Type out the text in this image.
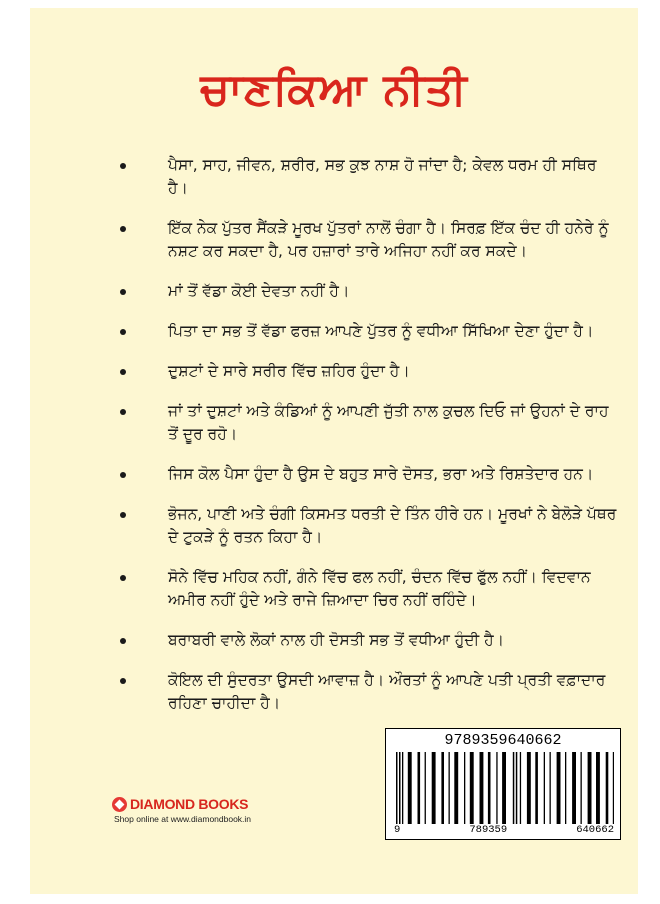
ਚਾਣਕਿਆ ਨੀਤੀ
ਪੈਸਾ, ਸਾਹ, ਜੀਵਨ, ਸ਼ਰੀਰ, ਸਭ ਕੁਝ ਨਾਸ਼ ਹੋ ਜਾਂਦਾ ਹੈ; ਕੇਵਲ ਧਰਮ ਹੀ ਸਥਿਰ ਹੈ।
ਇੱਕ ਨੇਕ ਪੁੱਤਰ ਸੈਂਕੜੇ ਮੂਰਖ ਪੁੱਤਰਾਂ ਨਾਲੋਂ ਚੰਗਾ ਹੈ। ਸਿਰਫ਼ ਇੱਕ ਚੰਦ ਹੀ ਹਨੇਰੇ ਨੂੰ ਨਸ਼ਟ ਕਰ ਸਕਦਾ ਹੈ, ਪਰ ਹਜ਼ਾਰਾਂ ਤਾਰੇ ਅਜਿਹਾ ਨਹੀਂ ਕਰ ਸਕਦੇ।
ਮਾਂ ਤੋਂ ਵੱਡਾ ਕੋਈ ਦੇਵਤਾ ਨਹੀਂ ਹੈ।
ਪਿਤਾ ਦਾ ਸਭ ਤੋਂ ਵੱਡਾ ਫਰਜ਼ ਆਪਣੇ ਪੁੱਤਰ ਨੂੰ ਵਧੀਆ ਸਿੱਖਿਆ ਦੇਣਾ ਹੁੰਦਾ ਹੈ।
ਦੁਸ਼ਟਾਂ ਦੇ ਸਾਰੇ ਸਰੀਰ ਵਿੱਚ ਜ਼ਹਿਰ ਹੁੰਦਾ ਹੈ।
ਜਾਂ ਤਾਂ ਦੁਸ਼ਟਾਂ ਅਤੇ ਕੰਡਿਆਂ ਨੂੰ ਆਪਣੀ ਜੁੱਤੀ ਨਾਲ ਕੁਚਲ ਦਿਓ ਜਾਂ ਉਹਨਾਂ ਦੇ ਰਾਹ ਤੋਂ ਦੂਰ ਰਹੋ।
ਜਿਸ ਕੋਲ ਪੈਸਾ ਹੁੰਦਾ ਹੈ ਉਸ ਦੇ ਬਹੁਤ ਸਾਰੇ ਦੋਸਤ, ਭਰਾ ਅਤੇ ਰਿਸ਼ਤੇਦਾਰ ਹਨ।
ਭੋਜਨ, ਪਾਣੀ ਅਤੇ ਚੰਗੀ ਕਿਸਮਤ ਧਰਤੀ ਦੇ ਤਿੰਨ ਹੀਰੇ ਹਨ। ਮੂਰਖਾਂ ਨੇ ਬੇਲੋੜੇ ਪੱਥਰ ਦੇ ਟੁਕੜੇ ਨੂੰ ਰਤਨ ਕਿਹਾ ਹੈ।
ਸੋਨੇ ਵਿੱਚ ਮਹਿਕ ਨਹੀਂ, ਗੰਨੇ ਵਿੱਚ ਫਲ ਨਹੀਂ, ਚੰਦਨ ਵਿੱਚ ਫੁੱਲ ਨਹੀਂ। ਵਿਦਵਾਨ ਅਮੀਰ ਨਹੀਂ ਹੁੰਦੇ ਅਤੇ ਰਾਜੇ ਜ਼ਿਆਦਾ ਚਿਰ ਨਹੀਂ ਰਹਿੰਦੇ।
ਬਰਾਬਰੀ ਵਾਲੇ ਲੋਕਾਂ ਨਾਲ ਹੀ ਦੋਸਤੀ ਸਭ ਤੋਂ ਵਧੀਆ ਹੁੰਦੀ ਹੈ।
ਕੋਇਲ ਦੀ ਸੁੰਦਰਤਾ ਉਸਦੀ ਆਵਾਜ਼ ਹੈ। ਔਰਤਾਂ ਨੂੰ ਆਪਣੇ ਪਤੀ ਪ੍ਰਤੀ ਵਫ਼ਾਦਾਰ ਰਹਿਣਾ ਚਾਹੀਦਾ ਹੈ।
DIAMOND BOOKS
Shop online at www.diamondbook.in
9789359640662
9	789359	640662
